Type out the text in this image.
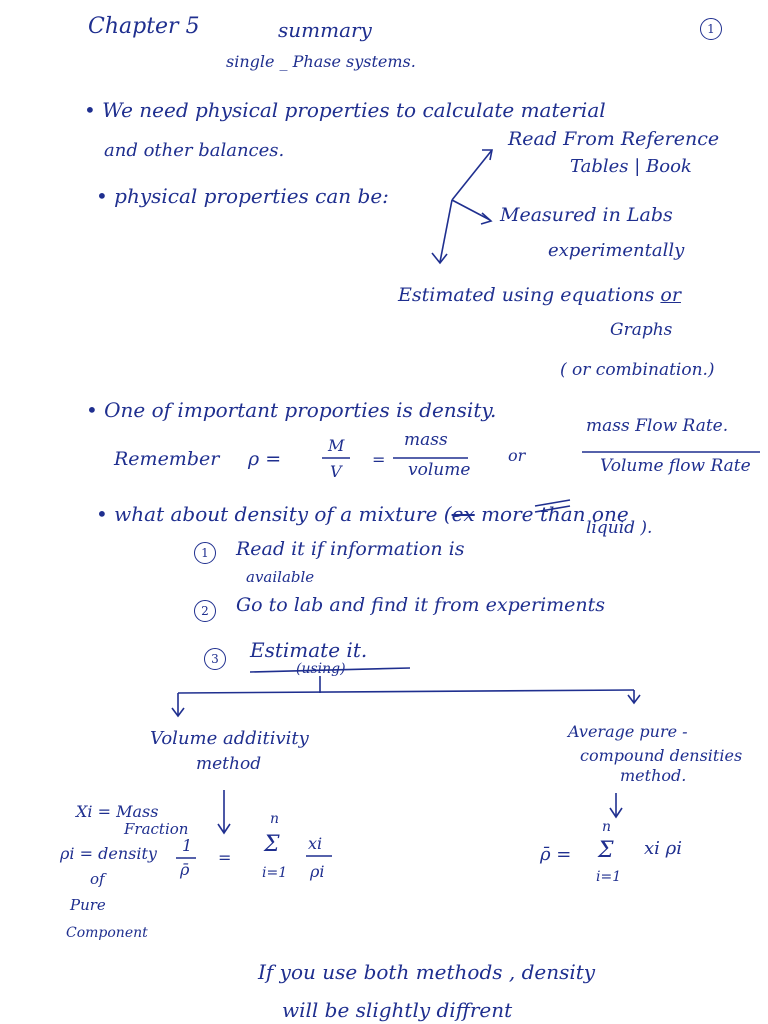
Chapter 5	summary	1
single _ Phase systems.
• We need physical properties to calculate material
and other balances.
• physical properties can be:
Read From Reference
Tables | Book
Measured in Labs
experimentally
Estimated using equations or
Graphs
( or combination.)
• One of important proporties is density.
Remember ρ =
M
V
=
mass
volume
or
mass Flow Rate.
Volume flow Rate
• what about density of a mixture (ex more than one
liquid ).
1	Read it if information is
available
2	Go to lab and find it from experiments
3	Estimate it.
(using)
Volume additivity
method
Average pure -
compound densities
method.
Xi = Mass
Fraction
ρi = density
of
Pure
Component
1
ρ̄
=
n
Σ
i=1
xi
ρi
ρ̄ =
n
Σ
i=1
xi ρi
If you use both methods , density
will be slightly diffrent
